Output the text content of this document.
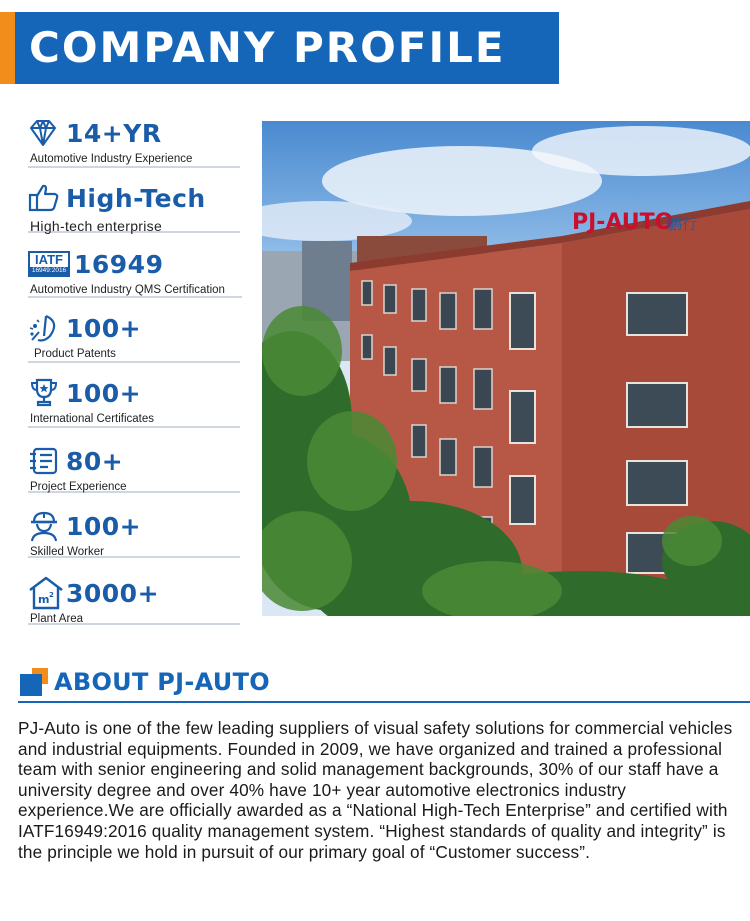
COMPANY PROFILE
14+YR
Automotive Industry Experience
High-Tech
High-tech enterprise
IATF
16949:2016 16949
Automotive Industry QMS Certification
100+
Product Patents
100+
International Certificates
80+
Project Experience
100+
Skilled Worker
m 2 3000+
Plant Area
PJ-AUTO
鹏行
ABOUT PJ-AUTO
PJ-Auto is one of the few leading suppliers of visual safety solutions for commercial vehicles and industrial equipments. Founded in 2009, we have organized and trained a professional team with senior engineering and solid management backgrounds, 30% of our staff have a university degree and over 40% have 10+ year automotive electronics industry experience.We are officially awarded as a “National High-Tech Enterprise” and certified with IATF16949:2016 quality management system. “Highest standards of quality and integrity” is the principle we hold in pursuit of our primary goal of “Customer success”.
